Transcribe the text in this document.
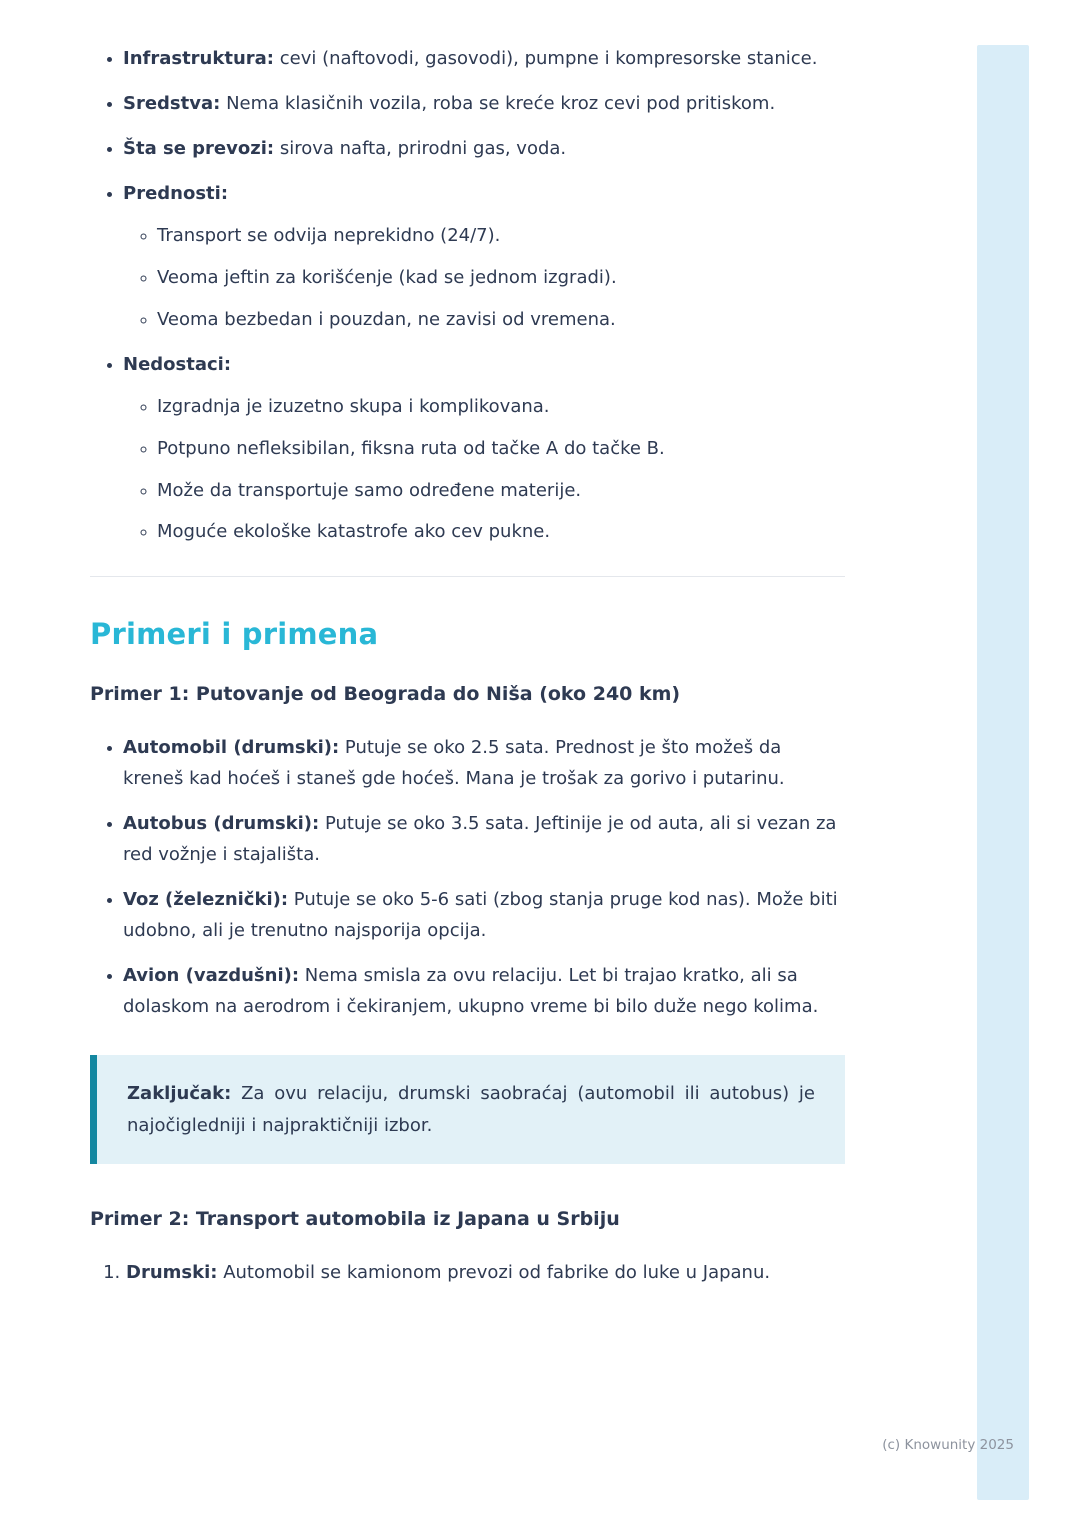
• Infrastruktura: cevi (naftovodi, gasovodi), pumpne i kompresorske stanice.
• Sredstva: Nema klasičnih vozila, roba se kreće kroz cevi pod pritiskom.
• Šta se prevozi: sirova nafta, prirodni gas, voda.
• Prednosti:
◦ Transport se odvija neprekidno (24/7).
◦ Veoma jeftin za korišćenje (kad se jednom izgradi).
◦ Veoma bezbedan i pouzdan, ne zavisi od vremena.
• Nedostaci:
◦ Izgradnja je izuzetno skupa i komplikovana.
◦ Potpuno nefleksibilan, fiksna ruta od tačke A do tačke B.
◦ Može da transportuje samo određene materije.
◦ Moguće ekološke katastrofe ako cev pukne.
Primeri i primena
Primer 1: Putovanje od Beograda do Niša (oko 240 km)
• Automobil (drumski): Putuje se oko 2.5 sata. Prednost je što možeš da kreneš kad hoćeš i staneš gde hoćeš. Mana je trošak za gorivo i putarinu.
• Autobus (drumski): Putuje se oko 3.5 sata. Jeftinije je od auta, ali si vezan za red vožnje i stajališta.
• Voz (železnički): Putuje se oko 5-6 sati (zbog stanja pruge kod nas). Može biti udobno, ali je trenutno najsporija opcija.
• Avion (vazdušni): Nema smisla za ovu relaciju. Let bi trajao kratko, ali sa dolaskom na aerodrom i čekiranjem, ukupno vreme bi bilo duže nego kolima.
Zaključak: Za ovu relaciju, drumski saobraćaj (automobil ili autobus) je najočigledniji i najpraktičniji izbor.
Primer 2: Transport automobila iz Japana u Srbiju
1. Drumski: Automobil se kamionom prevozi od fabrike do luke u Japanu.
(c) Knowunity 2025
